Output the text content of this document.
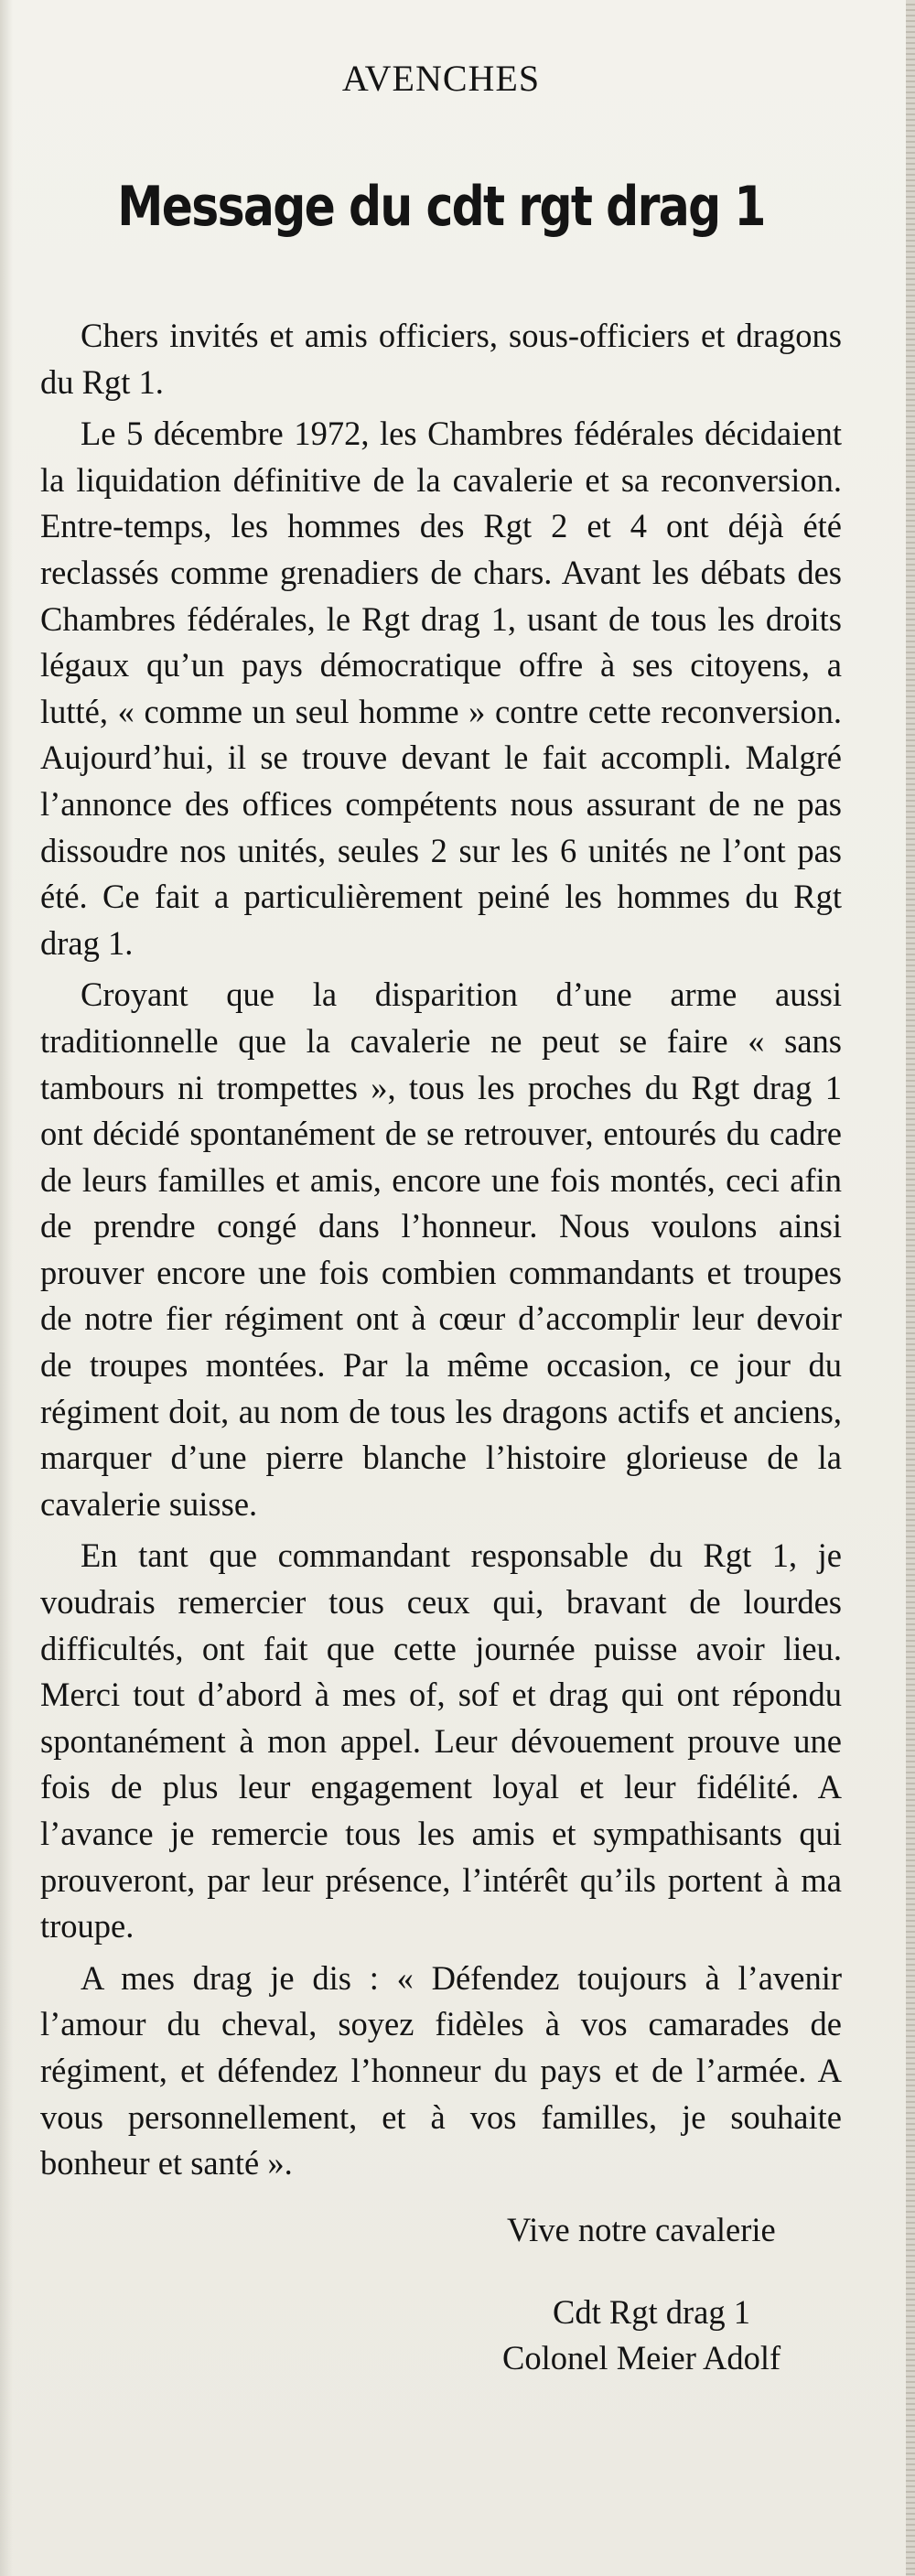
AVENCHES
Message du cdt rgt drag 1

Chers invités et amis officiers, sous-officiers et dragons du Rgt 1.

Le 5 décembre 1972, les Chambres fédérales décidaient la liquidation définitive de la cavalerie et sa reconversion. Entre-temps, les hommes des Rgt 2 et 4 ont déjà été reclassés comme grenadiers de chars. Avant les débats des Chambres fédérales, le Rgt drag 1, usant de tous les droits légaux qu’un pays démocratique offre à ses citoyens, a lutté, « comme un seul homme » contre cette reconversion. Aujourd’hui, il se trouve devant le fait accompli. Malgré l’annonce des offices compétents nous assurant de ne pas dissoudre nos unités, seules 2 sur les 6 unités ne l’ont pas été. Ce fait a particulièrement peiné les hommes du Rgt drag 1.

Croyant que la disparition d’une arme aussi traditionnelle que la cavalerie ne peut se faire « sans tambours ni trompettes », tous les proches du Rgt drag 1 ont décidé spontanément de se retrouver, entourés du cadre de leurs familles et amis, encore une fois montés, ceci afin de prendre congé dans l’honneur. Nous voulons ainsi prouver encore une fois combien commandants et troupes de notre fier régiment ont à cœur d’accomplir leur devoir de troupes montées. Par la même occasion, ce jour du régiment doit, au nom de tous les dragons actifs et anciens, marquer d’une pierre blanche l’histoire glorieuse de la cavalerie suisse.

En tant que commandant responsable du Rgt 1, je voudrais remercier tous ceux qui, bravant de lourdes difficultés, ont fait que cette journée puisse avoir lieu. Merci tout d’abord à mes of, sof et drag qui ont répondu spontanément à mon appel. Leur dévouement prouve une fois de plus leur engagement loyal et leur fidélité. A l’avance je remercie tous les amis et sympathisants qui prouveront, par leur présence, l’intérêt qu’ils portent à ma troupe.

A mes drag je dis : « Défendez toujours à l’avenir l’amour du cheval, soyez fidèles à vos camarades de régiment, et défendez l’honneur du pays et de l’armée. A vous personnellement, et à vos familles, je souhaite bonheur et santé ».

Vive notre cavalerie
Cdt Rgt drag 1
Colonel Meier Adolf
